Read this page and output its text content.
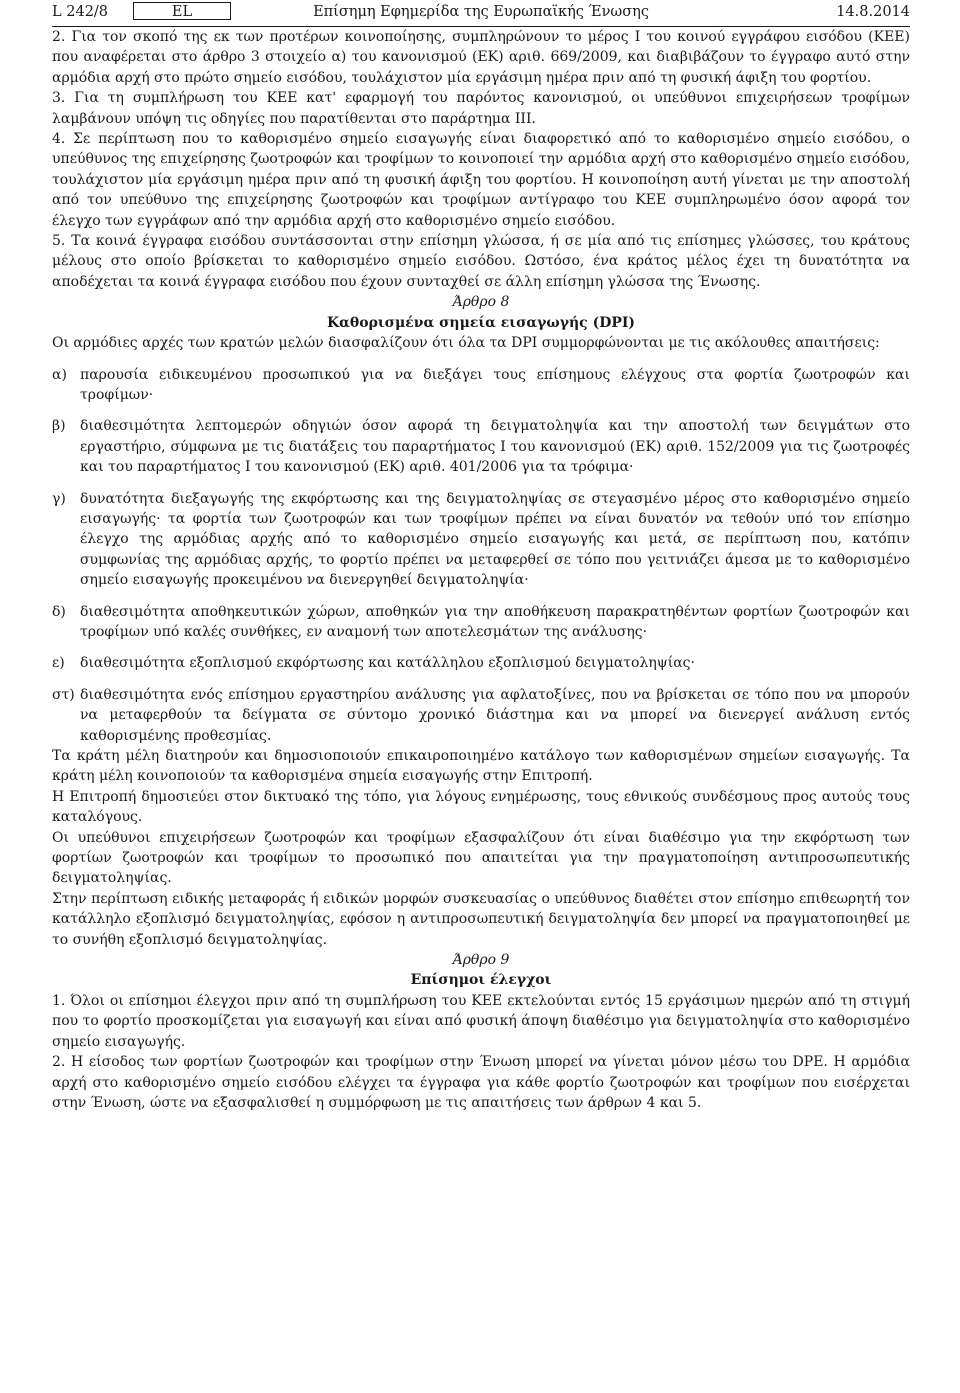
L 242/8	EL	Επίσημη Εφημερίδα της Ευρωπαϊκής Ένωσης	14.8.2014

2. Για τον σκοπό της εκ των προτέρων κοινοποίησης, συμπληρώνουν το μέρος I του κοινού εγγράφου εισόδου (ΚΕΕ) που αναφέρεται στο άρθρο 3 στοιχείο α) του κανονισμού (ΕΚ) αριθ. 669/2009, και διαβιβάζουν το έγγραφο αυτό στην αρμόδια αρχή στο πρώτο σημείο εισόδου, τουλάχιστον μία εργάσιμη ημέρα πριν από τη φυσική άφιξη του φορτίου.

3. Για τη συμπλήρωση του ΚΕΕ κατ' εφαρμογή του παρόντος κανονισμού, οι υπεύθυνοι επιχειρήσεων τροφίμων λαμβάνουν υπόψη τις οδηγίες που παρατίθενται στο παράρτημα III.

4. Σε περίπτωση που το καθορισμένο σημείο εισαγωγής είναι διαφορετικό από το καθορισμένο σημείο εισόδου, ο υπεύθυνος της επιχείρησης ζωοτροφών και τροφίμων το κοινοποιεί την αρμόδια αρχή στο καθορισμένο σημείο εισόδου, τουλάχιστον μία εργάσιμη ημέρα πριν από τη φυσική άφιξη του φορτίου. Η κοινοποίηση αυτή γίνεται με την αποστολή από τον υπεύθυνο της επιχείρησης ζωοτροφών και τροφίμων αντίγραφο του ΚΕΕ συμπληρωμένο όσον αφορά τον έλεγχο των εγγράφων από την αρμόδια αρχή στο καθορισμένο σημείο εισόδου.

5. Τα κοινά έγγραφα εισόδου συντάσσονται στην επίσημη γλώσσα, ή σε μία από τις επίσημες γλώσσες, του κράτους μέλους στο οποίο βρίσκεται το καθορισμένο σημείο εισόδου. Ωστόσο, ένα κράτος μέλος έχει τη δυνατότητα να αποδέχεται τα κοινά έγγραφα εισόδου που έχουν συνταχθεί σε άλλη επίσημη γλώσσα της Ένωσης.

Άρθρο 8

Καθορισμένα σημεία εισαγωγής (DPI)

Οι αρμόδιες αρχές των κρατών μελών διασφαλίζουν ότι όλα τα DPI συμμορφώνονται με τις ακόλουθες απαιτήσεις:

α) παρουσία ειδικευμένου προσωπικού για να διεξάγει τους επίσημους ελέγχους στα φορτία ζωοτροφών και τροφίμων·
β) διαθεσιμότητα λεπτομερών οδηγιών όσον αφορά τη δειγματοληψία και την αποστολή των δειγμάτων στο εργαστήριο, σύμφωνα με τις διατάξεις του παραρτήματος I του κανονισμού (ΕΚ) αριθ. 152/2009 για τις ζωοτροφές και του παραρτήματος I του κανονισμού (ΕΚ) αριθ. 401/2006 για τα τρόφιμα·
γ) δυνατότητα διεξαγωγής της εκφόρτωσης και της δειγματοληψίας σε στεγασμένο μέρος στο καθορισμένο σημείο εισαγωγής· τα φορτία των ζωοτροφών και των τροφίμων πρέπει να είναι δυνατόν να τεθούν υπό τον επίσημο έλεγχο της αρμόδιας αρχής από το καθορισμένο σημείο εισαγωγής και μετά, σε περίπτωση που, κατόπιν συμφωνίας της αρμόδιας αρχής, το φορτίο πρέπει να μεταφερθεί σε τόπο που γειτνιάζει άμεσα με το καθορισμένο σημείο εισαγωγής προκειμένου να διενεργηθεί δειγματοληψία·
δ) διαθεσιμότητα αποθηκευτικών χώρων, αποθηκών για την αποθήκευση παρακρατηθέντων φορτίων ζωοτροφών και τροφίμων υπό καλές συνθήκες, εν αναμονή των αποτελεσμάτων της ανάλυσης·
ε) διαθεσιμότητα εξοπλισμού εκφόρτωσης και κατάλληλου εξοπλισμού δειγματοληψίας·
στ) διαθεσιμότητα ενός επίσημου εργαστηρίου ανάλυσης για αφλατοξίνες, που να βρίσκεται σε τόπο που να μπορούν να μεταφερθούν τα δείγματα σε σύντομο χρονικό διάστημα και να μπορεί να διενεργεί ανάλυση εντός καθορισμένης προθεσμίας.

Τα κράτη μέλη διατηρούν και δημοσιοποιούν επικαιροποιημένο κατάλογο των καθορισμένων σημείων εισαγωγής. Τα κράτη μέλη κοινοποιούν τα καθορισμένα σημεία εισαγωγής στην Επιτροπή.

Η Επιτροπή δημοσιεύει στον δικτυακό της τόπο, για λόγους ενημέρωσης, τους εθνικούς συνδέσμους προς αυτούς τους καταλόγους.

Οι υπεύθυνοι επιχειρήσεων ζωοτροφών και τροφίμων εξασφαλίζουν ότι είναι διαθέσιμο για την εκφόρτωση των φορτίων ζωοτροφών και τροφίμων το προσωπικό που απαιτείται για την πραγματοποίηση αντιπροσωπευτικής δειγματοληψίας.

Στην περίπτωση ειδικής μεταφοράς ή ειδικών μορφών συσκευασίας ο υπεύθυνος διαθέτει στον επίσημο επιθεωρητή τον κατάλληλο εξοπλισμό δειγματοληψίας, εφόσον η αντιπροσωπευτική δειγματοληψία δεν μπορεί να πραγματοποιηθεί με το συνήθη εξοπλισμό δειγματοληψίας.

Άρθρο 9

Επίσημοι έλεγχοι

1. Όλοι οι επίσημοι έλεγχοι πριν από τη συμπλήρωση του ΚΕΕ εκτελούνται εντός 15 εργάσιμων ημερών από τη στιγμή που το φορτίο προσκομίζεται για εισαγωγή και είναι από φυσική άποψη διαθέσιμο για δειγματοληψία στο καθορισμένο σημείο εισαγωγής.

2. Η είσοδος των φορτίων ζωοτροφών και τροφίμων στην Ένωση μπορεί να γίνεται μόνον μέσω του DPE. Η αρμόδια αρχή στο καθορισμένο σημείο εισόδου ελέγχει τα έγγραφα για κάθε φορτίο ζωοτροφών και τροφίμων που εισέρχεται στην Ένωση, ώστε να εξασφαλισθεί η συμμόρφωση με τις απαιτήσεις των άρθρων 4 και 5.
